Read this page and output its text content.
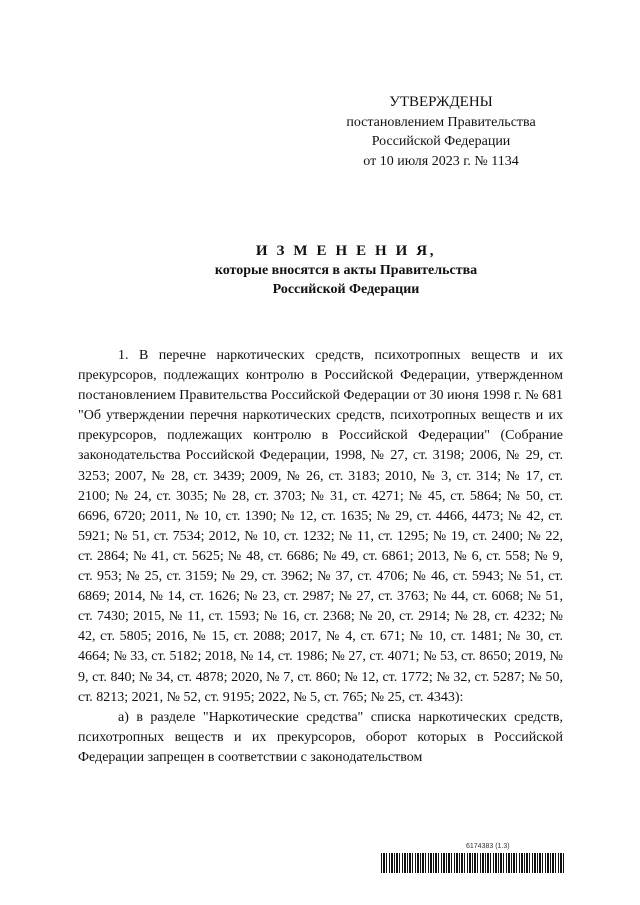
УТВЕРЖДЕНЫ
постановлением Правительства
Российской Федерации
от 10 июля 2023 г. № 1134
И З М Е Н Е Н И Я,
которые вносятся в акты Правительства
Российской Федерации

1. В перечне наркотических средств, психотропных веществ и их прекурсоров, подлежащих контролю в Российской Федерации, утвержденном постановлением Правительства Российской Федерации от 30 июня 1998 г. № 681 "Об утверждении перечня наркотических средств, психотропных веществ и их прекурсоров, подлежащих контролю в Российской Федерации" (Собрание законодательства Российской Федерации, 1998, № 27, ст. 3198; 2006, № 29, ст. 3253; 2007, № 28, ст. 3439; 2009, № 26, ст. 3183; 2010, № 3, ст. 314; № 17, ст. 2100; № 24, ст. 3035; № 28, ст. 3703; № 31, ст. 4271; № 45, ст. 5864; № 50, ст. 6696, 6720; 2011, № 10, ст. 1390; № 12, ст. 1635; № 29, ст. 4466, 4473; № 42, ст. 5921; № 51, ст. 7534; 2012, № 10, ст. 1232; № 11, ст. 1295; № 19, ст. 2400; № 22, ст. 2864; № 41, ст. 5625; № 48, ст. 6686; № 49, ст. 6861; 2013, № 6, ст. 558; № 9, ст. 953; № 25, ст. 3159; № 29, ст. 3962; № 37, ст. 4706; № 46, ст. 5943; № 51, ст. 6869; 2014, № 14, ст. 1626; № 23, ст. 2987; № 27, ст. 3763; № 44, ст. 6068; № 51, ст. 7430; 2015, № 11, ст. 1593; № 16, ст. 2368; № 20, ст. 2914; № 28, ст. 4232; № 42, ст. 5805; 2016, № 15, ст. 2088; 2017, № 4, ст. 671; № 10, ст. 1481; № 30, ст. 4664; № 33, ст. 5182; 2018, № 14, ст. 1986; № 27, ст. 4071; № 53, ст. 8650; 2019, № 9, ст. 840; № 34, ст. 4878; 2020, № 7, ст. 860; № 12, ст. 1772; № 32, ст. 5287; № 50, ст. 8213; 2021, № 52, ст. 9195; 2022, № 5, ст. 765; № 25, ст. 4343):

а) в разделе "Наркотические средства" списка наркотических средств, психотропных веществ и их прекурсоров, оборот которых в Российской Федерации запрещен в соответствии с законодательством

6174383 (1.3)
